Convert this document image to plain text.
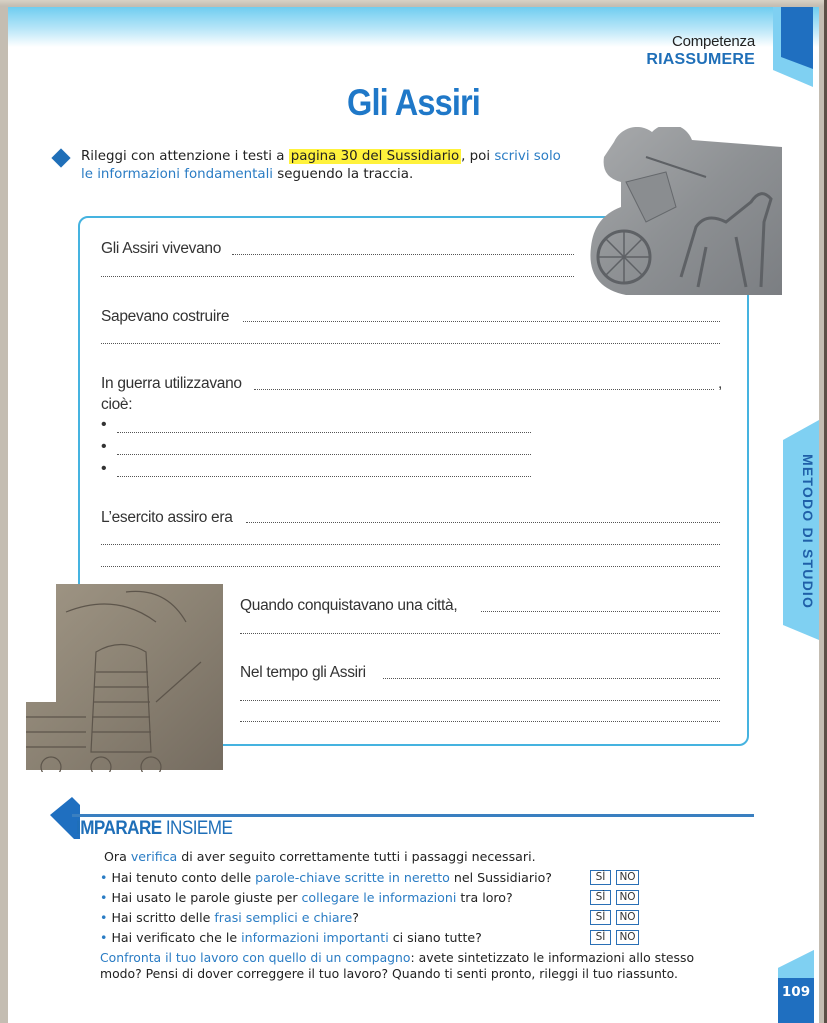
Competenza
RIASSUMERE
Gli Assiri
Rileggi con attenzione i testi a pagina 30 del Sussidiario , poi scrivi solo le informazioni fondamentali seguendo la traccia.
Gli Assiri vivevano
Sapevano costruire
In guerra utilizzavano	,
cioè:
•
•
•
L’esercito assiro era
Quando conquistavano una città,
Nel tempo gli Assiri
METODO DI STUDIO
IMPARARE INSIEME
Ora verifica di aver seguito correttamente tutti i passaggi necessari.
• Hai tenuto conto delle parole-chiave scritte in neretto nel Sussidiario?	SÌ	NO
• Hai usato le parole giuste per collegare le informazioni tra loro?	SÌ	NO
• Hai scritto delle frasi semplici e chiare?	SÌ	NO
• Hai verificato che le informazioni importanti ci siano tutte?	SÌ	NO
Confronta il tuo lavoro con quello di un compagno: avete sintetizzato le informazioni allo stesso
modo? Pensi di dover correggere il tuo lavoro? Quando ti senti pronto, rileggi il tuo riassunto.
109
